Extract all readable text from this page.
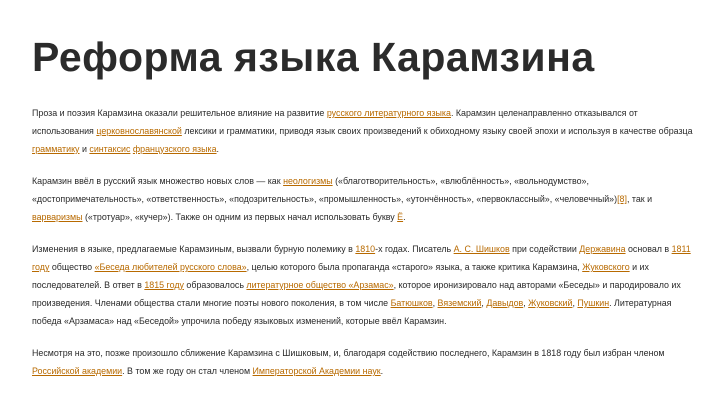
Реформа языка Карамзина

Проза и поэзия Карамзина оказали решительное влияние на развитие русского литературного языка. Карамзин целенаправленно отказывался от использования церковнославянской лексики и грамматики, приводя язык своих произведений к обиходному языку своей эпохи и используя в качестве образца грамматику и синтаксис французского языка.

Карамзин ввёл в русский язык множество новых слов — как неологизмы («благотворительность», «влюблённость», «вольнодумство», «достопримечательность», «ответственность», «подозрительность», «промышленность», «утончённость», «первоклассный», «человечный»)[8], так и варваризмы («тротуар», «кучер»). Также он одним из первых начал использовать букву Ё.

Изменения в языке, предлагаемые Карамзиным, вызвали бурную полемику в 1810-х годах. Писатель А. С. Шишков при содействии Державина основал в 1811 году общество «Беседа любителей русского слова», целью которого была пропаганда «старого» языка, а также критика Карамзина, Жуковского и их последователей. В ответ в 1815 году образовалось литературное общество «Арзамас», которое иронизировало над авторами «Беседы» и пародировало их произведения. Членами общества стали многие поэты нового поколения, в том числе Батюшков, Вяземский, Давыдов, Жуковский, Пушкин. Литературная победа «Арзамаса» над «Беседой» упрочила победу языковых изменений, которые ввёл Карамзин.

Несмотря на это, позже произошло сближение Карамзина с Шишковым, и, благодаря содействию последнего, Карамзин в 1818 году был избран членом Российской академии. В том же году он стал членом Императорской Академии наук.
